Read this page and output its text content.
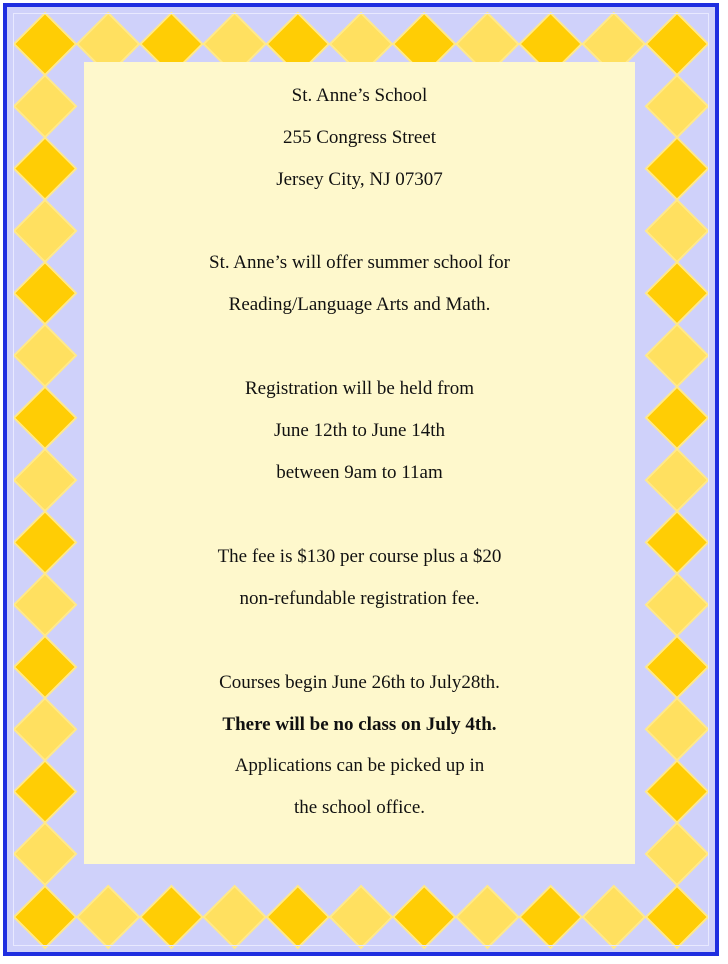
St. Anne’s School
255 Congress Street
Jersey City, NJ 07307
St. Anne’s will offer summer school for
Reading/Language Arts and Math.
Registration will be held from
June 12th to June 14th
between 9am to 11am
The fee is $130 per course plus a $20
non-refundable registration fee.
Courses begin June 26th to July28th.
There will be no class on July 4th.
Applications can be picked up in
the school office.
